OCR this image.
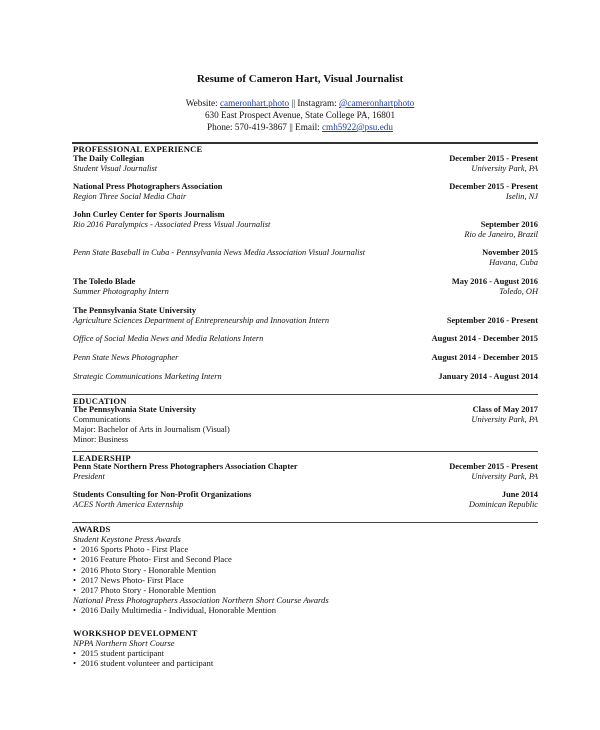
Resume of Cameron Hart, Visual Journalist
Website: cameronhart.photo || Instagram: @cameronhartphoto
630 East Prospect Avenue, State College PA, 16801
Phone: 570-419-3867 || Email: cmh5922@psu.edu
PROFESSIONAL EXPERIENCE
The Daily Collegian	December 2015 - Present
Student Visual Journalist	University Park, PA
National Press Photographers Association	December 2015 - Present
Region Three Social Media Chair	Iselin, NJ
John Curley Center for Sports Journalism
Rio 2016 Paralympics - Associated Press Visual Journalist	September 2016
Rio de Janeiro, Brazil
Penn State Baseball in Cuba - Pennsylvania News Media Association Visual Journalist	November 2015
Havana, Cuba
The Toledo Blade	May 2016 - August 2016
Summer Photography Intern	Toledo, OH
The Pennsylvania State University
Agriculture Sciences Department of Entrepreneurship and Innovation Intern	September 2016 - Present
Office of Social Media News and Media Relations Intern	August 2014 - December 2015
Penn State News Photographer	August 2014 - December 2015
Strategic Communications Marketing Intern	January 2014 - August 2014
EDUCATION
The Pennsylvania State University	Class of May 2017
Communications	University Park, PA
Major: Bachelor of Arts in Journalism (Visual)
Minor: Business
LEADERSHIP
Penn State Northern Press Photographers Association Chapter	December 2015 - Present
President	University Park, PA
Students Consulting for Non-Profit Organizations	June 2014
ACES North America Externship	Dominican Republic
AWARDS
Student Keystone Press Awards
• 2016 Sports Photo - First Place
• 2016 Feature Photo- First and Second Place
• 2016 Photo Story - Honorable Mention
• 2017 News Photo- First Place
• 2017 Photo Story - Honorable Mention
National Press Photographers Association Northern Short Course Awards
• 2016 Daily Multimedia - Individual, Honorable Mention
WORKSHOP DEVELOPMENT
NPPA Northern Short Course
• 2015 student participant
• 2016 student volunteer and participant
